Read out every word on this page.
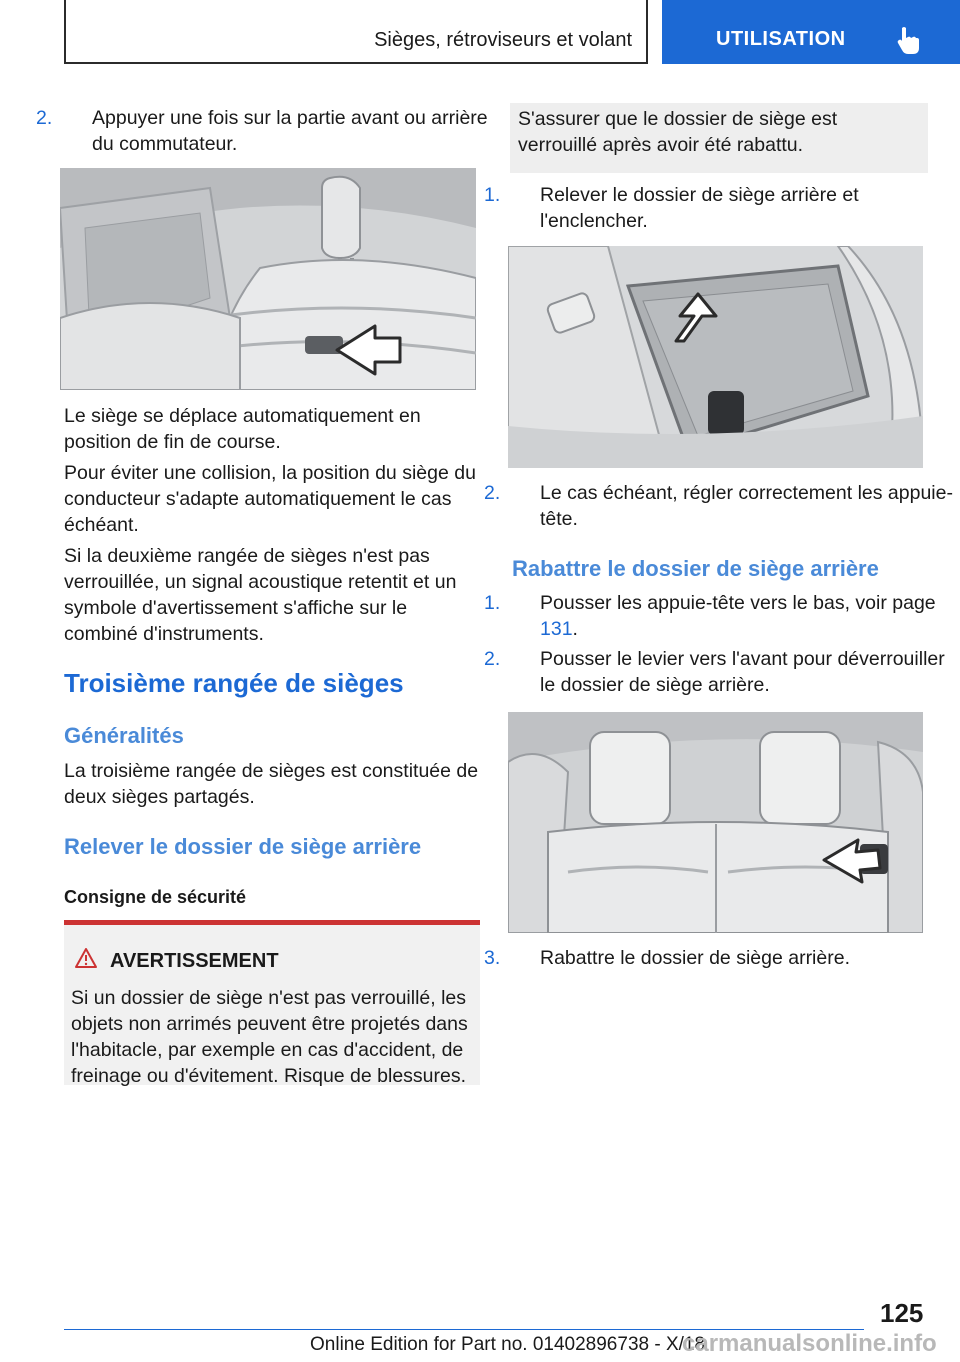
Sièges, rétroviseurs et volant	UTILISATION
2. Appuyer une fois sur la partie avant ou arrière du commutateur.

Le siège se déplace automatiquement en position de fin de course.

Pour éviter une collision, la position du siège du conducteur s'adapte automatiquement le cas échéant.

Si la deuxième rangée de sièges n'est pas verrouillée, un signal acoustique retentit et un symbole d'avertissement s'affiche sur le combiné d'instruments.

Troisième rangée de sièges
Généralités

La troisième rangée de sièges est constituée de deux sièges partagés.

Relever le dossier de siège arrière
Consigne de sécurité
AVERTISSEMENT

Si un dossier de siège n'est pas verrouillé, les objets non arrimés peuvent être projetés dans l'habitacle, par exemple en cas d'accident, de freinage ou d'évitement. Risque de blessures.

S'assurer que le dossier de siège est verrouillé après avoir été rabattu.

1. Relever le dossier de siège arrière et l'enclencher.
2. Le cas échéant, régler correctement les appuie-tête.
Rabattre le dossier de siège arrière
1. Pousser les appuie-tête vers le bas, voir page 131.
2. Pousser le levier vers l'avant pour déverrouiller le dossier de siège arrière.
3. Rabattre le dossier de siège arrière.
125
Online Edition for Part no. 01402896738 - X/18
carmanualsonline.info
